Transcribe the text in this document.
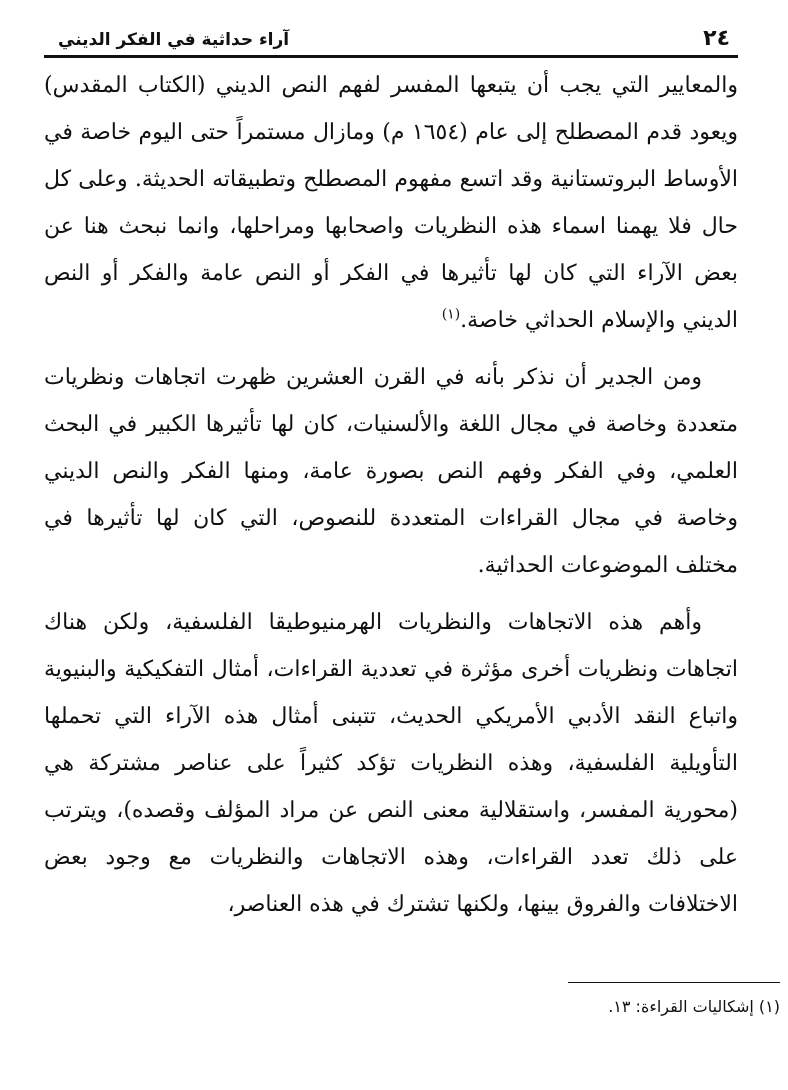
٢٤
آراء حداثية في الفكر الديني

والمعايير التي يجب أن يتبعها المفسر لفهم النص الديني (الكتاب المقدس) ويعود قدم المصطلح إلى عام (١٦٥٤ م) ومازال مستمراً حتى اليوم خاصة في الأوساط البروتستانية وقد اتسع مفهوم المصطلح وتطبيقاته الحديثة. وعلى كل حال فلا يهمنا اسماء هذه النظريات واصحابها ومراحلها، وانما نبحث هنا عن بعض الآراء التي كان لها تأثيرها في الفكر أو النص عامة والفكر أو النص الديني والإسلام الحداثي خاصة.$^{(١)}$

ومن الجدير أن نذكر بأنه في القرن العشرين ظهرت اتجاهات ونظريات متعددة وخاصة في مجال اللغة والألسنيات، كان لها تأثيرها الكبير في البحث العلمي، وفي الفكر وفهم النص بصورة عامة، ومنها الفكر والنص الديني وخاصة في مجال القراءات المتعددة للنصوص، التي كان لها تأثيرها في مختلف الموضوعات الحداثية.

وأهم هذه الاتجاهات والنظريات الهرمنيوطيقا الفلسفية، ولكن هناك اتجاهات ونظريات أخرى مؤثرة في تعددية القراءات، أمثال التفكيكية والبنيوية واتباع النقد الأدبي الأمريكي الحديث، تتبنى أمثال هذه الآراء التي تحملها التأويلية الفلسفية، وهذه النظريات تؤكد كثيراً على عناصر مشتركة هي (محورية المفسر، واستقلالية معنى النص عن مراد المؤلف وقصده)، ويترتب على ذلك تعدد القراءات، وهذه الاتجاهات والنظريات مع وجود بعض الاختلافات والفروق بينها، ولكنها تشترك في هذه العناصر،

(١) إشكاليات القراءة: ١٣.
